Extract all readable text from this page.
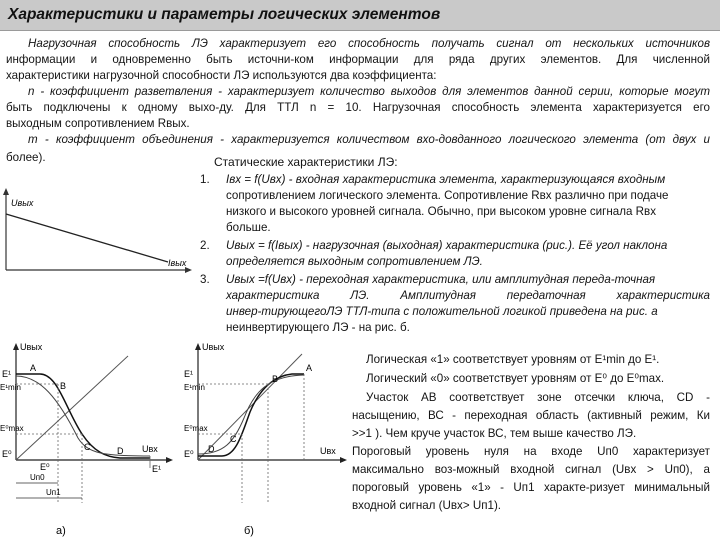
Характеристики и параметры логических элементов
Нагрузочная способность ЛЭ характеризует его способность получать сигнал от нескольких источников
информации и одновременно быть источни-ком информации для ряда других элементов. Для численной
характеристики нагрузочной способности ЛЭ используются два коэффициента:
n - коэффициент разветвления - характеризует количество выходов для элементов данной серии, которые могут
быть подключены к одному выхо-ду. Для ТТЛ n = 10. Нагрузочная способность элемента характеризуется его
выходным сопротивлением Rвых.
m - коэффициент объединения - характеризуется количеством вхо-довданного логического элемента (от двух и
более).	Статические характеристики ЛЭ:
1. Iвх = f(Uвх) - входная характеристика элемента, характеризующаяся входным
сопротивлением логического элемента. Сопротивление Rвх различно при подаче
низкого и высокого уровней сигнала. Обычно, при высоком уровне сигнала Rвх
больше.
2. Uвых = f(Iвых) - нагрузочная (выходная) характеристика (рис.). Её угол наклона
определяется выходным сопротивлением ЛЭ.
3. Uвых =f(Uвх) - переходная характеристика, или амплитудная переда-точная
характеристика ЛЭ. Амплитудная передаточная характеристика
инвер-тирующегоЛЭ ТТЛ-типа с положительной логикой приведена на рис. а
неинвертирующего ЛЭ - на рис. б.
Логическая «1» соответствует уровням от E¹min до E¹.
Логический «0» соответствует уровням от E⁰ до E⁰max.
Участок АВ соответствует зоне отсечки ключа, CD -
насыщению, ВС - переходная область (активный режим, Ки
>>1 ). Чем круче участок ВС, тем выше качество ЛЭ.
Пороговый уровень нуля на входе Uп0 характеризует
максимально воз-можный входной сигнал (Uвх > Uп0), а
пороговый уровень «1» - Uп1 характе-ризует минимальный
входной сигнал (Uвх> Uп1).
Uвых
Iвых
Uвых
E¹
E¹min
E⁰max
E⁰
A
B
C	D Uвх
E⁰	E¹
Uп0
Uп1
а)
Uвых
E¹
E¹min
E⁰max
E⁰
A
B
C
D	Uвх
б)
